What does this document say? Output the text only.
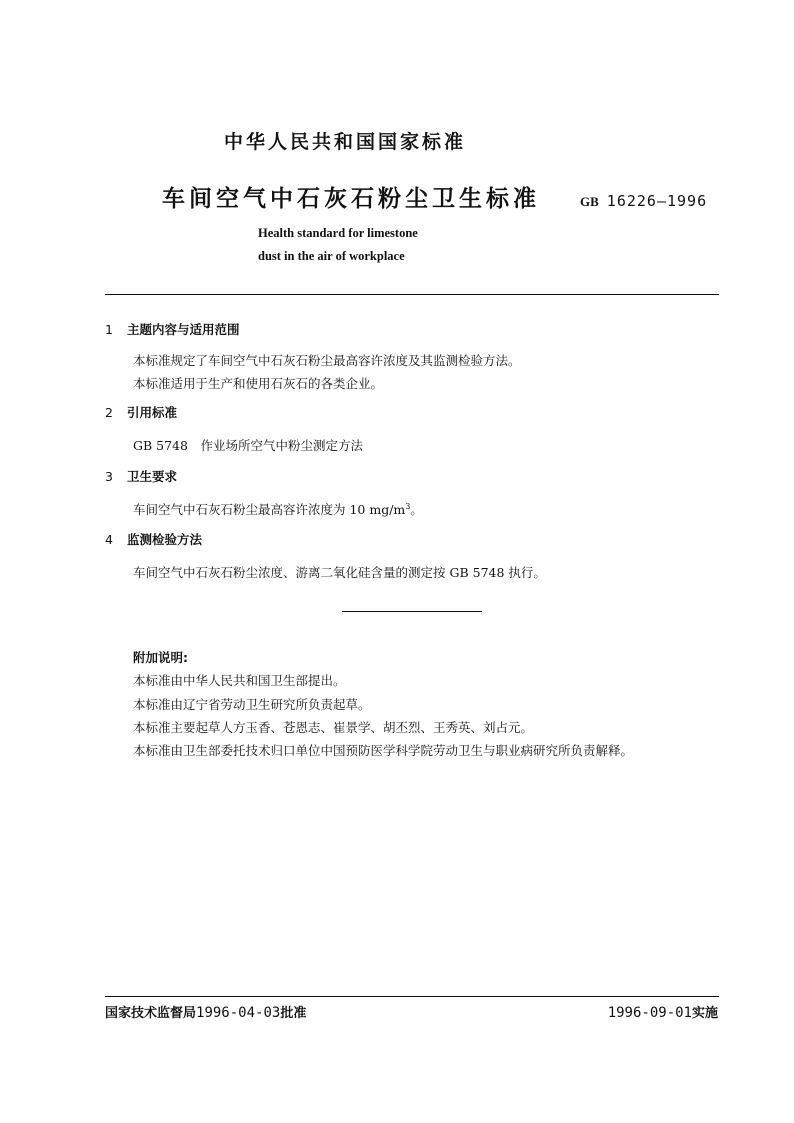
中华人民共和国国家标准
车间空气中石灰石粉尘卫生标准	GB 16226—1996
Health standard for limestone
dust in the air of workplace
1 主题内容与适用范围
本标准规定了车间空气中石灰石粉尘最高容许浓度及其监测检验方法。
本标准适用于生产和使用石灰石的各类企业。
2 引用标准
GB 5748　作业场所空气中粉尘测定方法
3 卫生要求
车间空气中石灰石粉尘最高容许浓度为 10 $mg/m^3$。
4 监测检验方法
车间空气中石灰石粉尘浓度、游离二氧化硅含量的测定按 GB 5748 执行。
附加说明:
本标准由中华人民共和国卫生部提出。
本标准由辽宁省劳动卫生研究所负责起草。
本标准主要起草人方玉香、苍恩志、崔景学、胡丕烈、王秀英、刘占元。
本标准由卫生部委托技术归口单位中国预防医学科学院劳动卫生与职业病研究所负责解释。
国家技术监督局1996-04-03批准	1996-09-01实施
